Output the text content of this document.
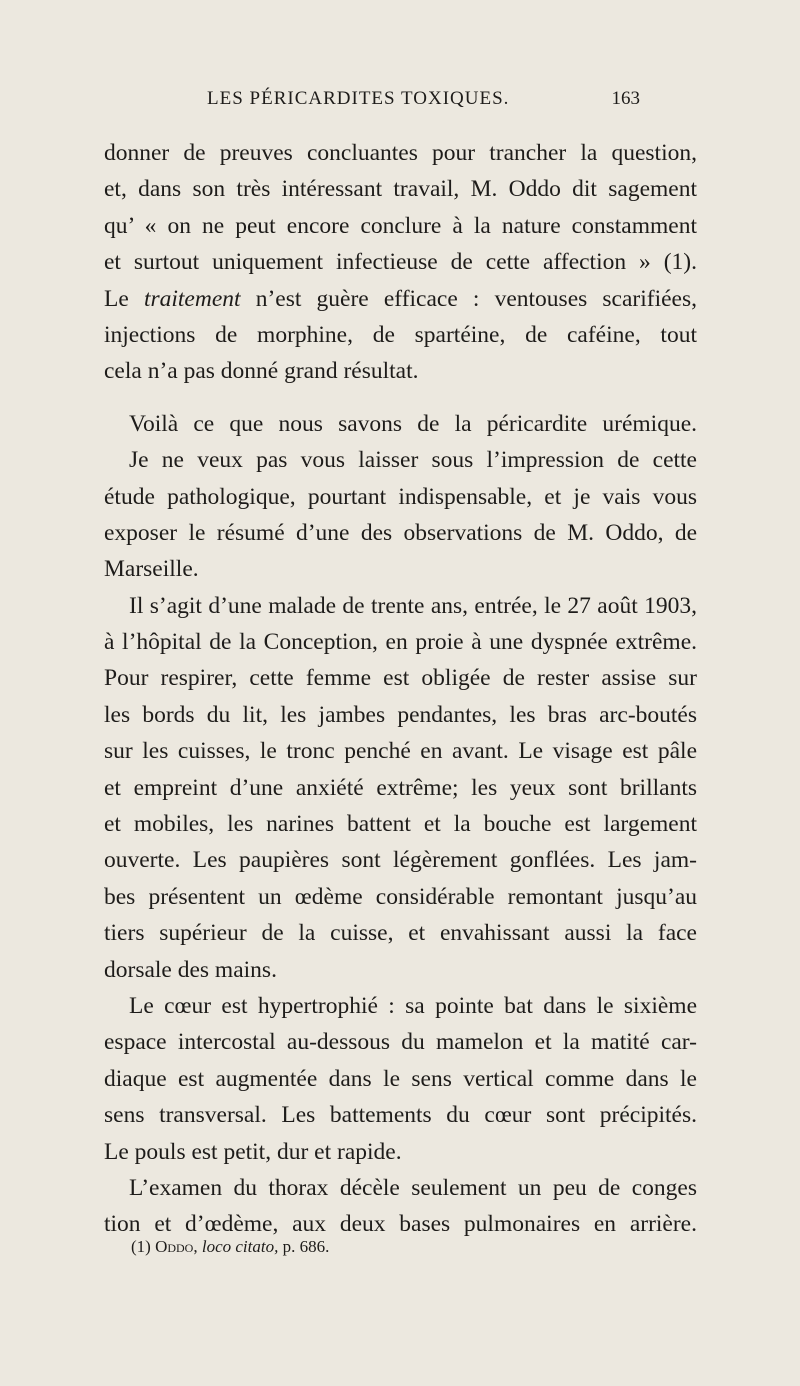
LES PÉRICARDITES TOXIQUES.	163
donner de preuves concluantes pour trancher la question,
et, dans son très intéressant travail, M. Oddo dit sagement
qu’ « on ne peut encore conclure à la nature constamment
et surtout uniquement infectieuse de cette affection » (1).
Le traitement n’est guère efficace : ventouses scarifiées,
injections de morphine, de spartéine, de caféine, tout
cela n’a pas donné grand résultat.
Voilà ce que nous savons de la péricardite urémique.
Je ne veux pas vous laisser sous l’impression de cette
étude pathologique, pourtant indispensable, et je vais vous
exposer le résumé d’une des observations de M. Oddo, de
Marseille.
Il s’agit d’une malade de trente ans, entrée, le 27 août 1903,
à l’hôpital de la Conception, en proie à une dyspnée extrême.
Pour respirer, cette femme est obligée de rester assise sur
les bords du lit, les jambes pendantes, les bras arc-boutés
sur les cuisses, le tronc penché en avant. Le visage est pâle
et empreint d’une anxiété extrême; les yeux sont brillants
et mobiles, les narines battent et la bouche est largement
ouverte. Les paupières sont légèrement gonflées. Les jam-
bes présentent un œdème considérable remontant jusqu’au
tiers supérieur de la cuisse, et envahissant aussi la face
dorsale des mains.
Le cœur est hypertrophié : sa pointe bat dans le sixième
espace intercostal au-dessous du mamelon et la matité car-
diaque est augmentée dans le sens vertical comme dans le
sens transversal. Les battements du cœur sont précipités.
Le pouls est petit, dur et rapide.
L’examen du thorax décèle seulement un peu de conges
tion et d’œdème, aux deux bases pulmonaires en arrière.
(1) Oddo, loco citato, p. 686.
